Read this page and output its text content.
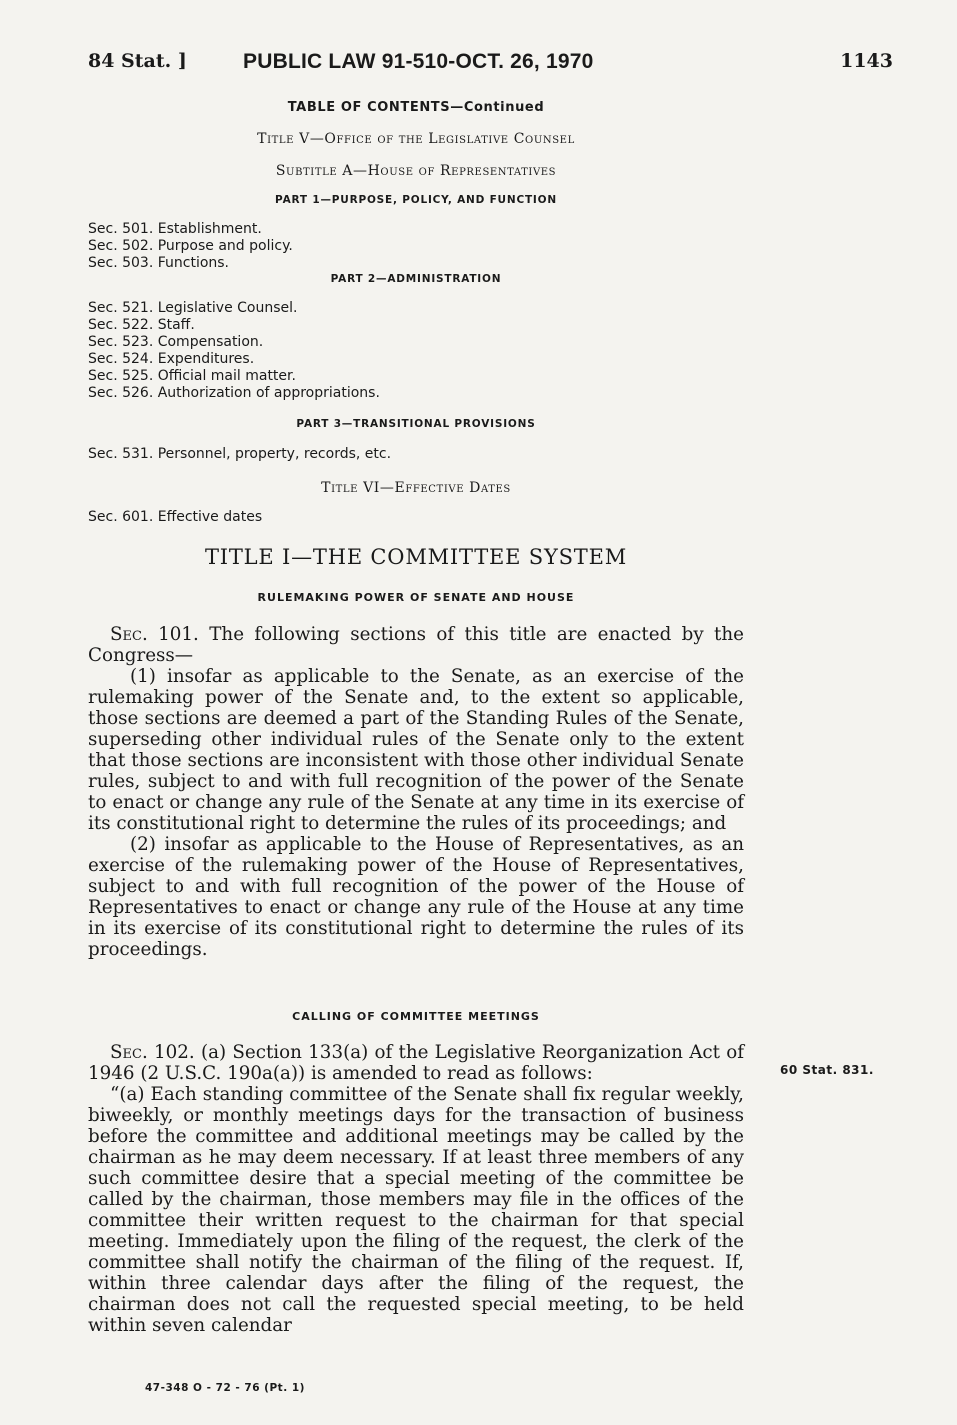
84 Stat. ]	PUBLIC LAW 91-510-OCT. 26, 1970	1143
TABLE OF CONTENTS—Continued
Title V—Office of the Legislative Counsel
Subtitle A—House of Representatives
PART 1—PURPOSE, POLICY, AND FUNCTION
Sec. 501. Establishment.
Sec. 502. Purpose and policy.
Sec. 503. Functions.
PART 2—ADMINISTRATION
Sec. 521. Legislative Counsel.
Sec. 522. Staff.
Sec. 523. Compensation.
Sec. 524. Expenditures.
Sec. 525. Official mail matter.
Sec. 526. Authorization of appropriations.
PART 3—TRANSITIONAL PROVISIONS
Sec. 531. Personnel, property, records, etc.
Title VI—Effective Dates
Sec. 601. Effective dates
TITLE I—THE COMMITTEE SYSTEM
RULEMAKING POWER OF SENATE AND HOUSE

Sec. 101. The following sections of this title are enacted by the Congress—

(1) insofar as applicable to the Senate, as an exercise of the rulemaking power of the Senate and, to the extent so applicable, those sections are deemed a part of the Standing Rules of the Senate, superseding other individual rules of the Senate only to the extent that those sections are inconsistent with those other individual Senate rules, subject to and with full recognition of the power of the Senate to enact or change any rule of the Senate at any time in its exercise of its constitutional right to determine the rules of its proceedings; and

(2) insofar as applicable to the House of Representatives, as an exercise of the rulemaking power of the House of Representatives, subject to and with full recognition of the power of the House of Representatives to enact or change any rule of the House at any time in its exercise of its constitutional right to determine the rules of its proceedings.

CALLING OF COMMITTEE MEETINGS

Sec. 102. (a) Section 133(a) of the Legislative Reorganization Act of 1946 (2 U.S.C. 190a(a)) is amended to read as follows:

“(a) Each standing committee of the Senate shall fix regular weekly, biweekly, or monthly meetings days for the transaction of business before the committee and additional meetings may be called by the chairman as he may deem necessary. If at least three members of any such committee desire that a special meeting of the committee be called by the chairman, those members may file in the offices of the committee their written request to the chairman for that special meeting. Immediately upon the filing of the request, the clerk of the committee shall notify the chairman of the filing of the request. If, within three calendar days after the filing of the request, the chairman does not call the requested special meeting, to be held within seven calendar

60 Stat. 831.
47-348 O - 72 - 76 (Pt. 1)
